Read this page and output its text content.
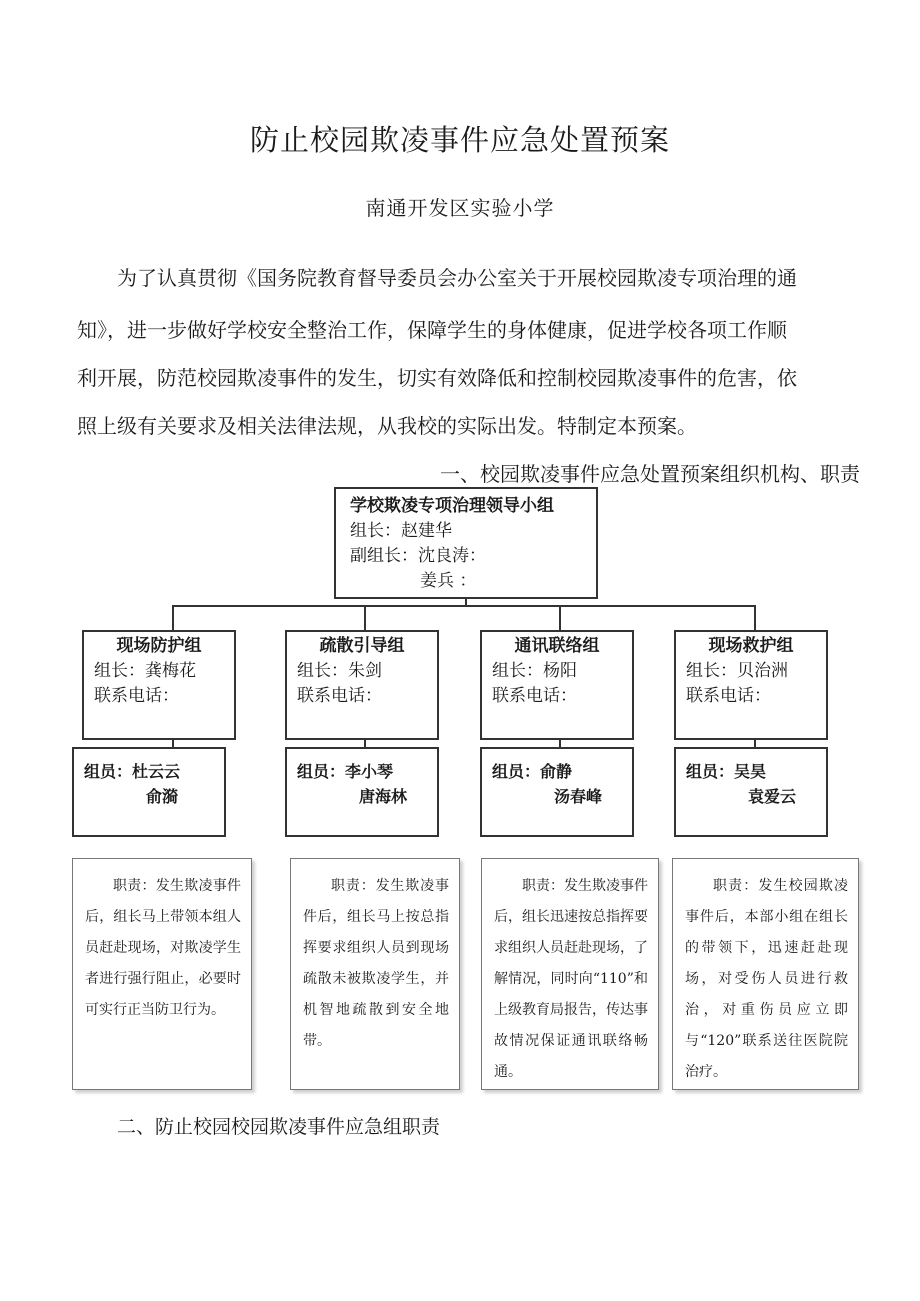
防止校园欺凌事件应急处置预案
南通开发区实验小学
为了认真贯彻《国务院教育督导委员会办公室关于开展校园欺凌专项治理的通
知》，进一步做好学校安全整治工作，保障学生的身体健康，促进学校各项工作顺
利开展，防范校园欺凌事件的发生，切实有效降低和控制校园欺凌事件的危害，依
照上级有关要求及相关法律法规，从我校的实际出发。特制定本预案。
一、校园欺凌事件应急处置预案组织机构、职责
学校欺凌专项治理领导小组
组长：赵建华
副组长：沈良涛：
姜兵 ：
现场防护组
组长：龚梅花
联系电话：
组员：杜云云
俞漪

职责：发生欺凌事件后，组长马上带领本组人员赶赴现场，对欺凌学生者进行强行阻止，必要时可实行正当防卫行为。

疏散引导组
组长：朱剑
联系电话：
组员：李小琴
唐海林

职责：发生欺凌事件后，组长马上按总指挥要求组织人员到现场疏散未被欺凌学生，并机智地疏散到安全地带。

通讯联络组
组长：杨阳
联系电话：
组员：俞静
汤春峰

职责：发生欺凌事件后，组长迅速按总指挥要求组织人员赶赴现场，了解情况，同时向“110”和上级教育局报告，传达事故情况保证通讯联络畅通。

现场救护组
组长：贝治洲
联系电话：
组员：吴昊
袁爱云

职责：发生校园欺凌事件后，本部小组在组长的带领下，迅速赶赴现场，对受伤人员进行救治，对重伤员应立即与“120”联系送往医院院治疗。

二、防止校园校园欺凌事件应急组职责
